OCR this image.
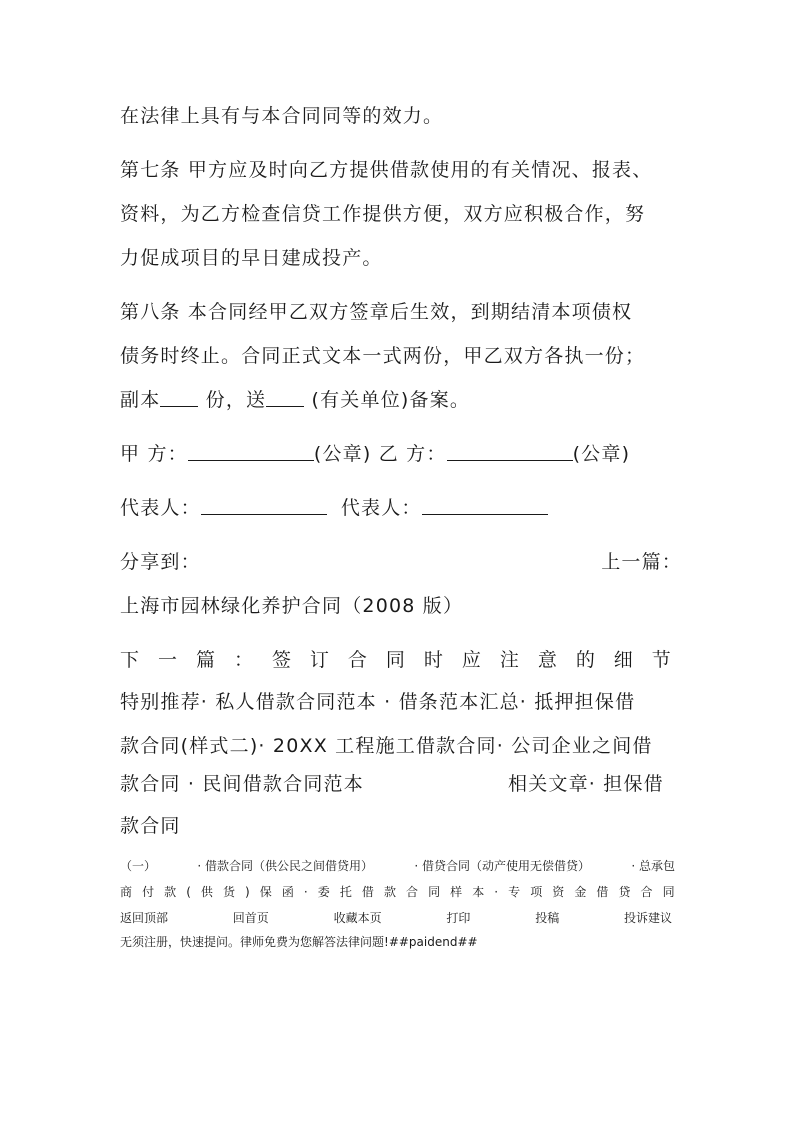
在法律上具有与本合同同等的效力。
第七条 甲方应及时向乙方提供借款使用的有关情况、报表、
资料，为乙方检查信贷工作提供方便，双方应积极合作，努
力促成项目的早日建成投产。
第八条 本合同经甲乙双方签章后生效，到期结清本项债权
债务时终止。合同正式文本一式两份，甲乙双方各执一份；
副本 份，送 (有关单位)备案。
甲 方：	(公章) 乙 方：	(公章)
代表人：	代表人：
分享到：	上一篇：
上海市园林绿化养护合同（2008 版）
下 一 篇 ： 签 订 合 同 时 应 注 意 的 细 节
特别推荐· 私人借款合同范本 · 借条范本汇总· 抵押担保借
款合同(样式二)· 20XX 工程施工借款合同· 公司企业之间借
款合同 · 民间借款合同范本	相关文章· 担保借
款合同
（一）	· 借款合同（供公民之间借贷用）	· 借贷合同（动产使用无偿借贷）	· 总承包
商 付 款 ( 供 货 ) 保 函 · 委 托 借 款 合 同 样 本 · 专 项 资 金 借 贷 合 同
返回顶部	回首页	收藏本页	打印	投稿	投诉建议
无须注册，快速提问。律师免费为您解答法律问题!##paidend##
